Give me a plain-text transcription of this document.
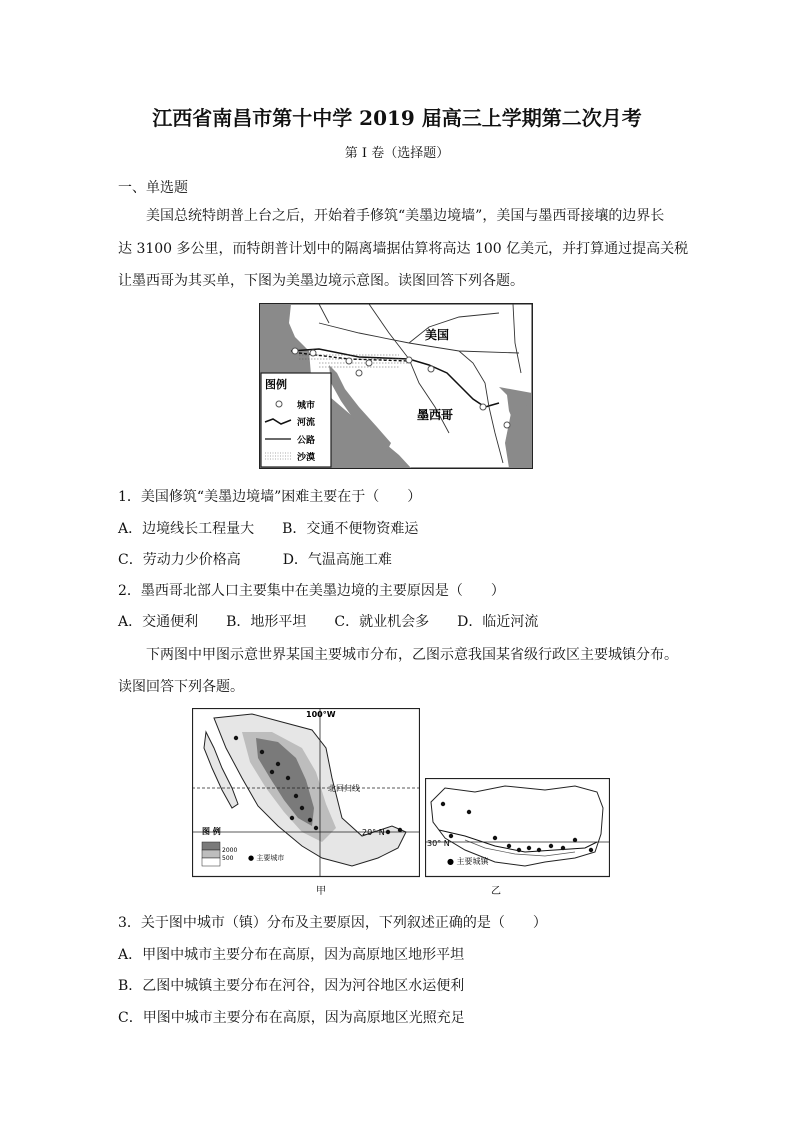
江西省南昌市第十中学 2019 届高三上学期第二次月考
第 I 卷（选择题）
一、单选题
美国总统特朗普上台之后，开始着手修筑“美墨边境墙”，美国与墨西哥接壤的边界长
达 3100 多公里，而特朗普计划中的隔离墙据估算将高达 100 亿美元，并打算通过提高关税
让墨西哥为其买单，下图为美墨边境示意图。读图回答下列各题。
美国
墨西哥
图例
城市
河流
公路
沙漠
1．美国修筑“美墨边境墙”困难主要在于（　　）
A．边境线长工程量大　　B．交通不便物资难运
C．劳动力少价格高　　　D．气温高施工难
2．墨西哥北部人口主要集中在美墨边境的主要原因是（　　）
A．交通便利　　B．地形平坦　　C．就业机会多　　D．临近河流
下两图中甲图示意世界某国主要城市分布，乙图示意我国某省级行政区主要城镇分布。
读图回答下列各题。
100°W
北回归线
20° N
图 例
2000
500 ● 主要城市
甲
30° N
● 主要城镇
乙
3．关于图中城市（镇）分布及主要原因，下列叙述正确的是（　　）
A．甲图中城市主要分布在高原，因为高原地区地形平坦
B．乙图中城镇主要分布在河谷，因为河谷地区水运便利
C．甲图中城市主要分布在高原，因为高原地区光照充足
